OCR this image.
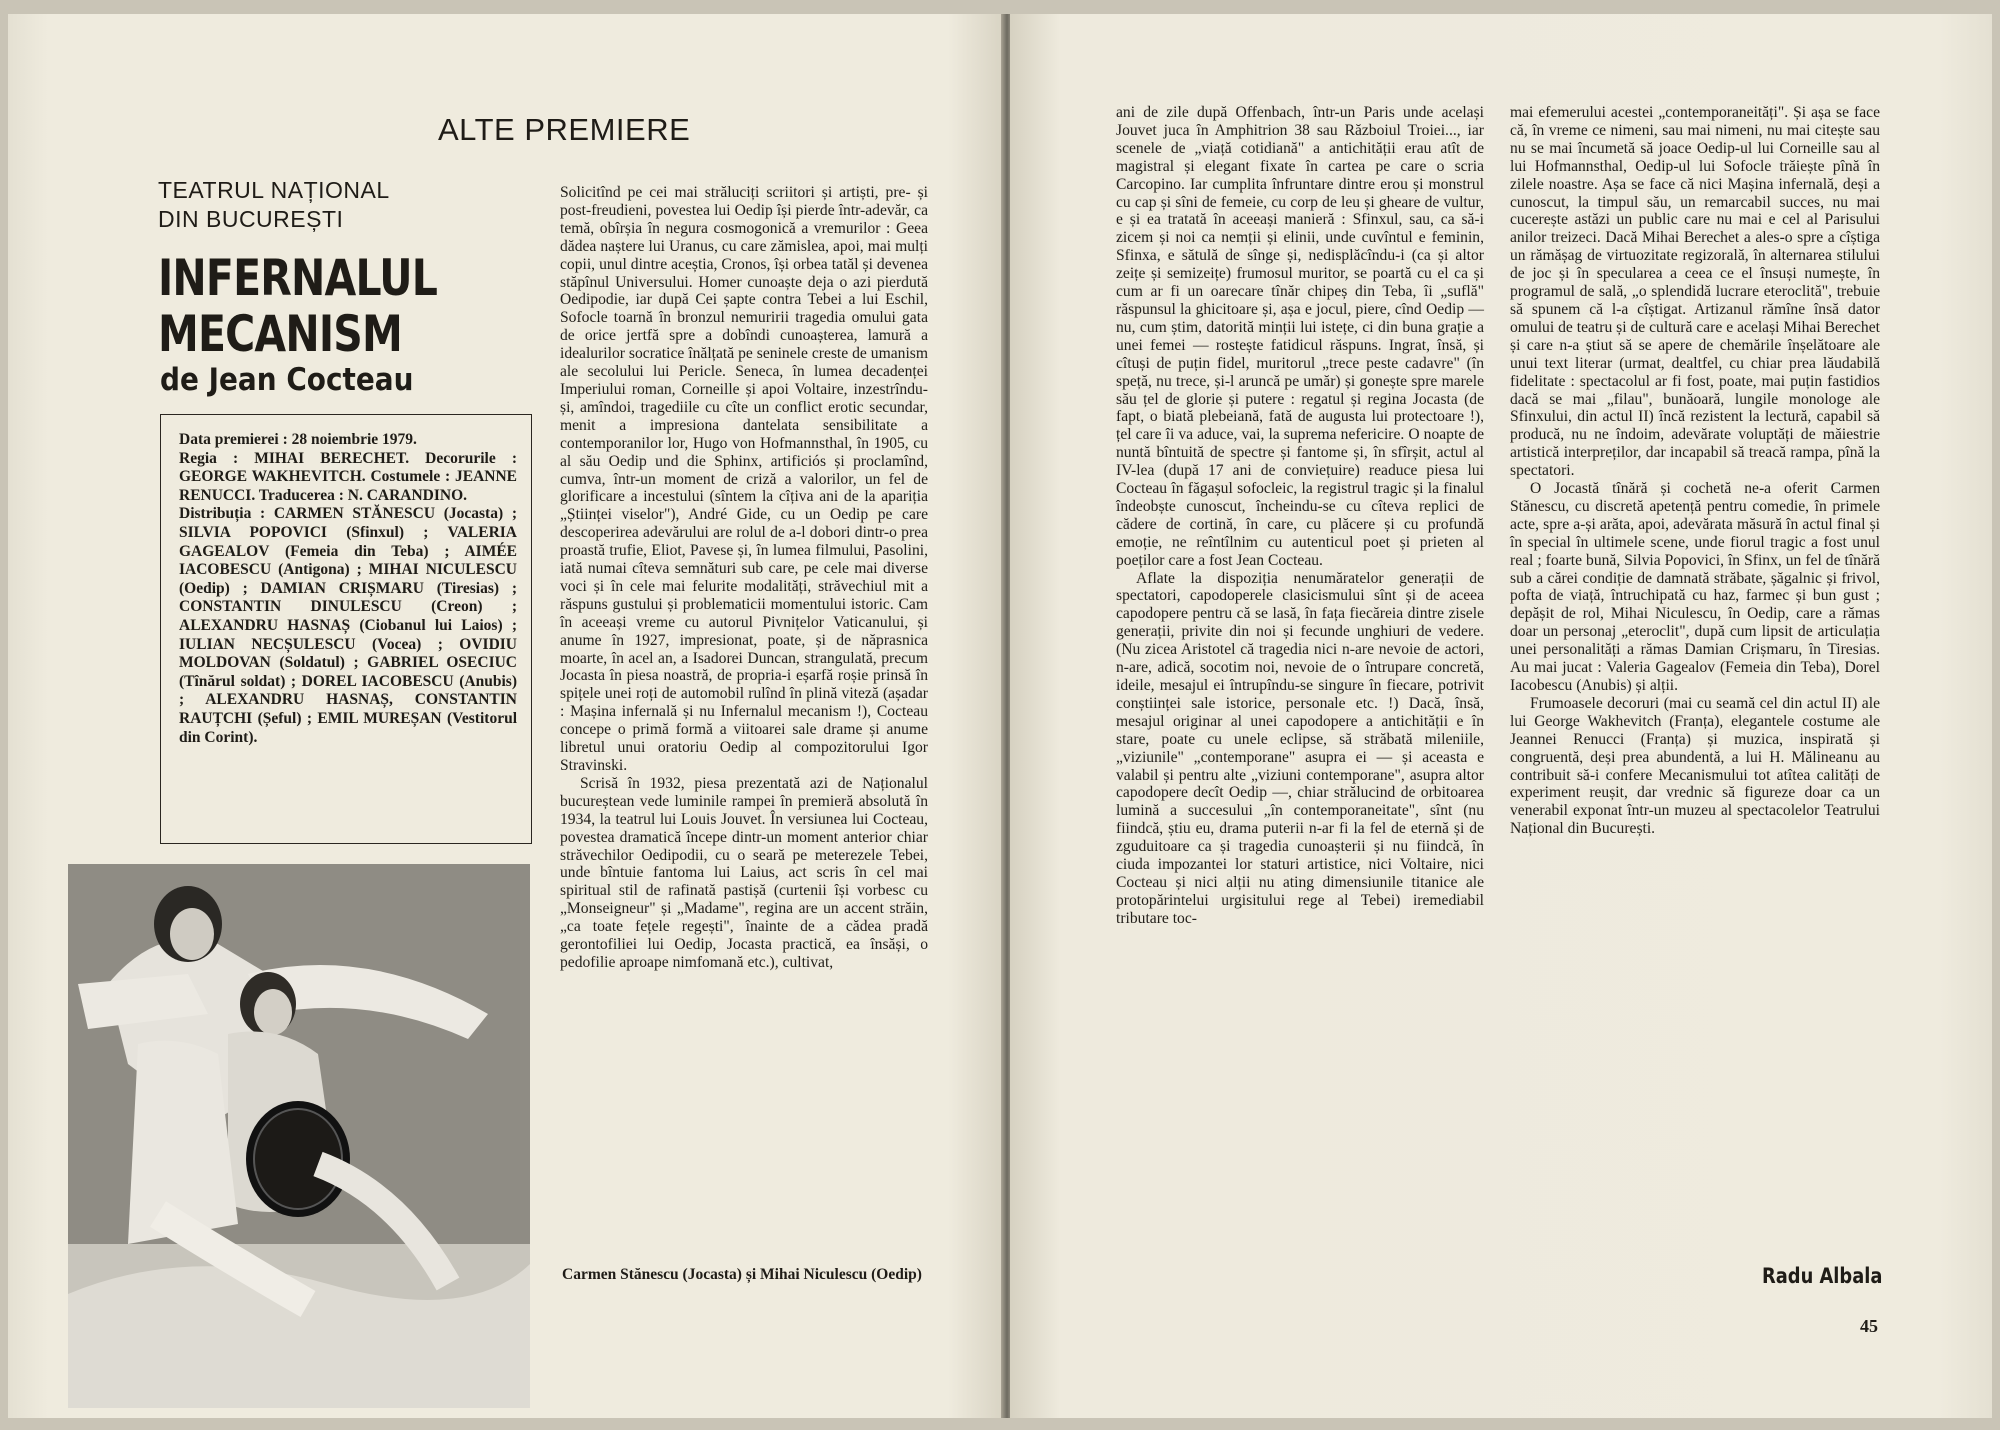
ALTE PREMIERE
TEATRUL NAȚIONAL
DIN BUCUREȘTI
INFERNALUL
MECANISM
de Jean Cocteau

Data premierei : 28 noiembrie 1979.

Regia : MIHAI BERECHET. Decorurile : GEORGE WAKHEVITCH. Costumele : JEANNE RENUCCI. Traducerea : N. CARANDINO.

Distribuția : CARMEN STĂNESCU (Jocasta) ; SILVIA POPOVICI (Sfinxul) ; VALERIA GAGEALOV (Femeia din Teba) ; AIMÉE IACOBESCU (Antigona) ; MIHAI NICULESCU (Oedip) ; DAMIAN CRIȘMARU (Tiresias) ; CONSTANTIN DINULESCU (Creon) ; ALEXANDRU HASNAȘ (Ciobanul lui Laios) ; IULIAN NECȘULESCU (Vocea) ; OVIDIU MOLDOVAN (Soldatul) ; GABRIEL OSECIUC (Tînărul soldat) ; DOREL IACOBESCU (Anubis) ; ALEXANDRU HASNAȘ, CONSTANTIN RAUȚCHI (Șeful) ; EMIL MUREȘAN (Vestitorul din Corint).

Solicitînd pe cei mai străluciți scriitori și artiști, pre- și post-freudieni, povestea lui Oedip își pierde într-adevăr, ca temă, obîrșia în negura cosmogonică a vremurilor : Geea dădea naștere lui Uranus, cu care zămislea, apoi, mai mulți copii, unul dintre aceștia, Cronos, își orbea tatăl și devenea stăpînul Universului. Homer cunoaște deja o azi pierdută Oedipodie, iar după Cei șapte contra Tebei a lui Eschil, Sofocle toarnă în bronzul nemuririi tragedia omului gata de orice jertfă spre a dobîndi cunoașterea, lamură a idealurilor socratice înălțată pe seninele creste de umanism ale secolului lui Pericle. Seneca, în lumea decadenței Imperiului roman, Corneille și apoi Voltaire, inzestrîndu-și, amîndoi, tragediile cu cîte un conflict erotic secundar, menit a impresiona dantelata sensibilitate a contemporanilor lor, Hugo von Hofmannsthal, în 1905, cu al său Oedip und die Sphinx, artificiós și proclamînd, cumva, într-un moment de criză a valorilor, un fel de glorificare a incestului (sîntem la cîțiva ani de la apariția „Științei viselor"), André Gide, cu un Oedip pe care descoperirea adevărului are rolul de a-l dobori dintr-o prea proastă trufie, Eliot, Pavese și, în lumea filmului, Pasolini, iată numai cîteva semnături sub care, pe cele mai diverse voci și în cele mai felurite modalități, străvechiul mit a răspuns gustului și problematicii momentului istoric. Cam în aceeași vreme cu autorul Pivnițelor Vaticanului, și anume în 1927, impresionat, poate, și de năprasnica moarte, în acel an, a Isadorei Duncan, strangulată, precum Jocasta în piesa noastră, de propria-i eșarfă roșie prinsă în spițele unei roți de automobil rulînd în plină viteză (așadar : Mașina infernală și nu Infernalul mecanism !), Cocteau concepe o primă formă a viitoarei sale drame și anume libretul unui oratoriu Oedip al compozitorului Igor Stravinski.

Scrisă în 1932, piesa prezentată azi de Naționalul bucureștean vede luminile rampei în premieră absolută în 1934, la teatrul lui Louis Jouvet. În versiunea lui Cocteau, povestea dramatică începe dintr-un moment anterior chiar străvechilor Oedipodii, cu o seară pe meterezele Tebei, unde bîntuie fantoma lui Laius, act scris în cel mai spiritual stil de rafinată pastișă (curtenii își vorbesc cu „Monseigneur" și „Madame", regina are un accent străin, „ca toate fețele regești", înainte de a cădea pradă gerontofiliei lui Oedip, Jocasta practică, ea însăși, o pedofilie aproape nimfomană etc.), cultivat,

Carmen Stănescu (Jocasta) și Mihai Niculescu (Oedip)

ani de zile după Offenbach, într-un Paris unde același Jouvet juca în Amphitrion 38 sau Războiul Troiei..., iar scenele de „viață cotidiană" a antichității erau atît de magistral și elegant fixate în cartea pe care o scria Carcopino. Iar cumplita înfruntare dintre erou și monstrul cu cap și sîni de femeie, cu corp de leu și gheare de vultur, e și ea tratată în aceeași manieră : Sfinxul, sau, ca să-i zicem și noi ca nemții și elinii, unde cuvîntul e feminin, Sfinxa, e sătulă de sînge și, nedisplăcîndu-i (ca și altor zeițe și semizeițe) frumosul muritor, se poartă cu el ca și cum ar fi un oarecare tînăr chipeș din Teba, îi „suflă" răspunsul la ghicitoare și, așa e jocul, piere, cînd Oedip — nu, cum știm, datorită minții lui istețe, ci din buna grație a unei femei — rostește fatidicul răspuns. Ingrat, însă, și cîtuși de puțin fidel, muritorul „trece peste cadavre" (în speță, nu trece, și-l aruncă pe umăr) și gonește spre marele său țel de glorie și putere : regatul și regina Jocasta (de fapt, o biată plebeiană, fată de augusta lui protectoare !), țel care îi va aduce, vai, la suprema nefericire. O noapte de nuntă bîntuită de spectre și fantome și, în sfîrșit, actul al IV-lea (după 17 ani de conviețuire) readuce piesa lui Cocteau în făgașul sofocleic, la registrul tragic și la finalul îndeobște cunoscut, încheindu-se cu cîteva replici de cădere de cortină, în care, cu plăcere și cu profundă emoție, ne reîntîlnim cu autenticul poet și prieten al poeților care a fost Jean Cocteau.

Aflate la dispoziția nenumăratelor generații de spectatori, capodoperele clasicismului sînt și de aceea capodopere pentru că se lasă, în fața fiecăreia dintre ziselе generații, privite din noi și fecunde unghiuri de vedere. (Nu zicea Aristotel că tragedia nici n-are nevoie de actori, n-are, adică, socotim noi, nevoie de o întrupare concretă, ideile, mesajul ei întrupîndu-se singure în fiecare, potrivit conștiinței sale istorice, personale etc. !) Dacă, însă, mesajul originar al unei capodopere a antichității e în stare, poate cu unele eclipse, să străbată mileniile, „viziunile" „contemporane" asupra ei — și aceasta e valabil și pentru alte „viziuni contemporane", asupra altor capodopere decît Oedip —, chiar strălucind de orbitoarea lumină a succesului „în contemporaneitate", sînt (nu fiindcă, știu eu, drama puterii n-ar fi la fel de eternă și de zguduitoare ca și tragedia cunoașterii și nu fiindcă, în ciuda impozantei lor staturi artistice, nici Voltaire, nici Cocteau și nici alții nu ating dimensiunile titanice ale protopărintelui urgisitului rege al Tebei) iremediabil tributare toc-

mai efemerului acestei „contemporaneități". Și așa se face că, în vreme ce nimeni, sau mai nimeni, nu mai citește sau nu se mai încumetă să joace Oedip-ul lui Corneille sau al lui Hofmannsthal, Oedip-ul lui Sofocle trăiește pînă în zilele noastre. Așa se face că nici Mașina infernală, deși a cunoscut, la timpul său, un remarcabil succes, nu mai cucerește astăzi un public care nu mai e cel al Parisului anilor treizeci. Dacă Mihai Berechet a ales-o spre a cîștiga un rămășag de virtuozitate regizorală, în alternarea stilului de joc și în specularea a ceea ce el însuși numește, în programul de sală, „o splendidă lucrare eteroclită", trebuie să spunem că l-a cîștigat. Artizanul rămîne însă dator omului de teatru și de cultură care e același Mihai Berechet și care n-a știut să se apere de chemările înșelătoare ale unui text literar (urmat, dealtfel, cu chiar prea lăudabilă fidelitate : spectacolul ar fi fost, poate, mai puțin fastidios dacă se mai „filau", bunăoară, lungile monologe ale Sfinxului, din actul II) încă rezistent la lectură, capabil să producă, nu ne îndoim, adevărate voluptăți de măiestrie artistică interpreților, dar incapabil să treacă rampa, pînă la spectatori.

O Jocastă tînără și cochetă ne-a oferit Carmen Stănescu, cu discretă apetență pentru comedie, în primele acte, spre a-și arăta, apoi, adevărata măsură în actul final și în special în ultimele scene, unde fiorul tragic a fost unul real ; foarte bună, Silvia Popovici, în Sfinx, un fel de tînără sub a cărei condiție de damnată străbate, șăgalnic și frivol, pofta de viață, întruchipată cu haz, farmec și bun gust ; depășit de rol, Mihai Niculescu, în Oedip, care a rămas doar un personaj „eteroclit", după cum lipsit de articulația unei personalități a rămas Damian Crișmaru, în Tiresias. Au mai jucat : Valeria Gagealov (Femeia din Teba), Dorel Iacobescu (Anubis) și alții.

Frumoasele decoruri (mai cu seamă cel din actul II) ale lui George Wakhevitch (Franța), elegantele costume ale Jeannei Renucci (Franța) și muzica, inspirată și congruentă, deși prea abundentă, a lui H. Mălineanu au contribuit să-i confere Mecanismului tot atîtea calități de experiment reușit, dar vrednic să figureze doar ca un venerabil exponat într-un muzeu al spectacolelor Teatrului Național din București.

Radu Albala
45
